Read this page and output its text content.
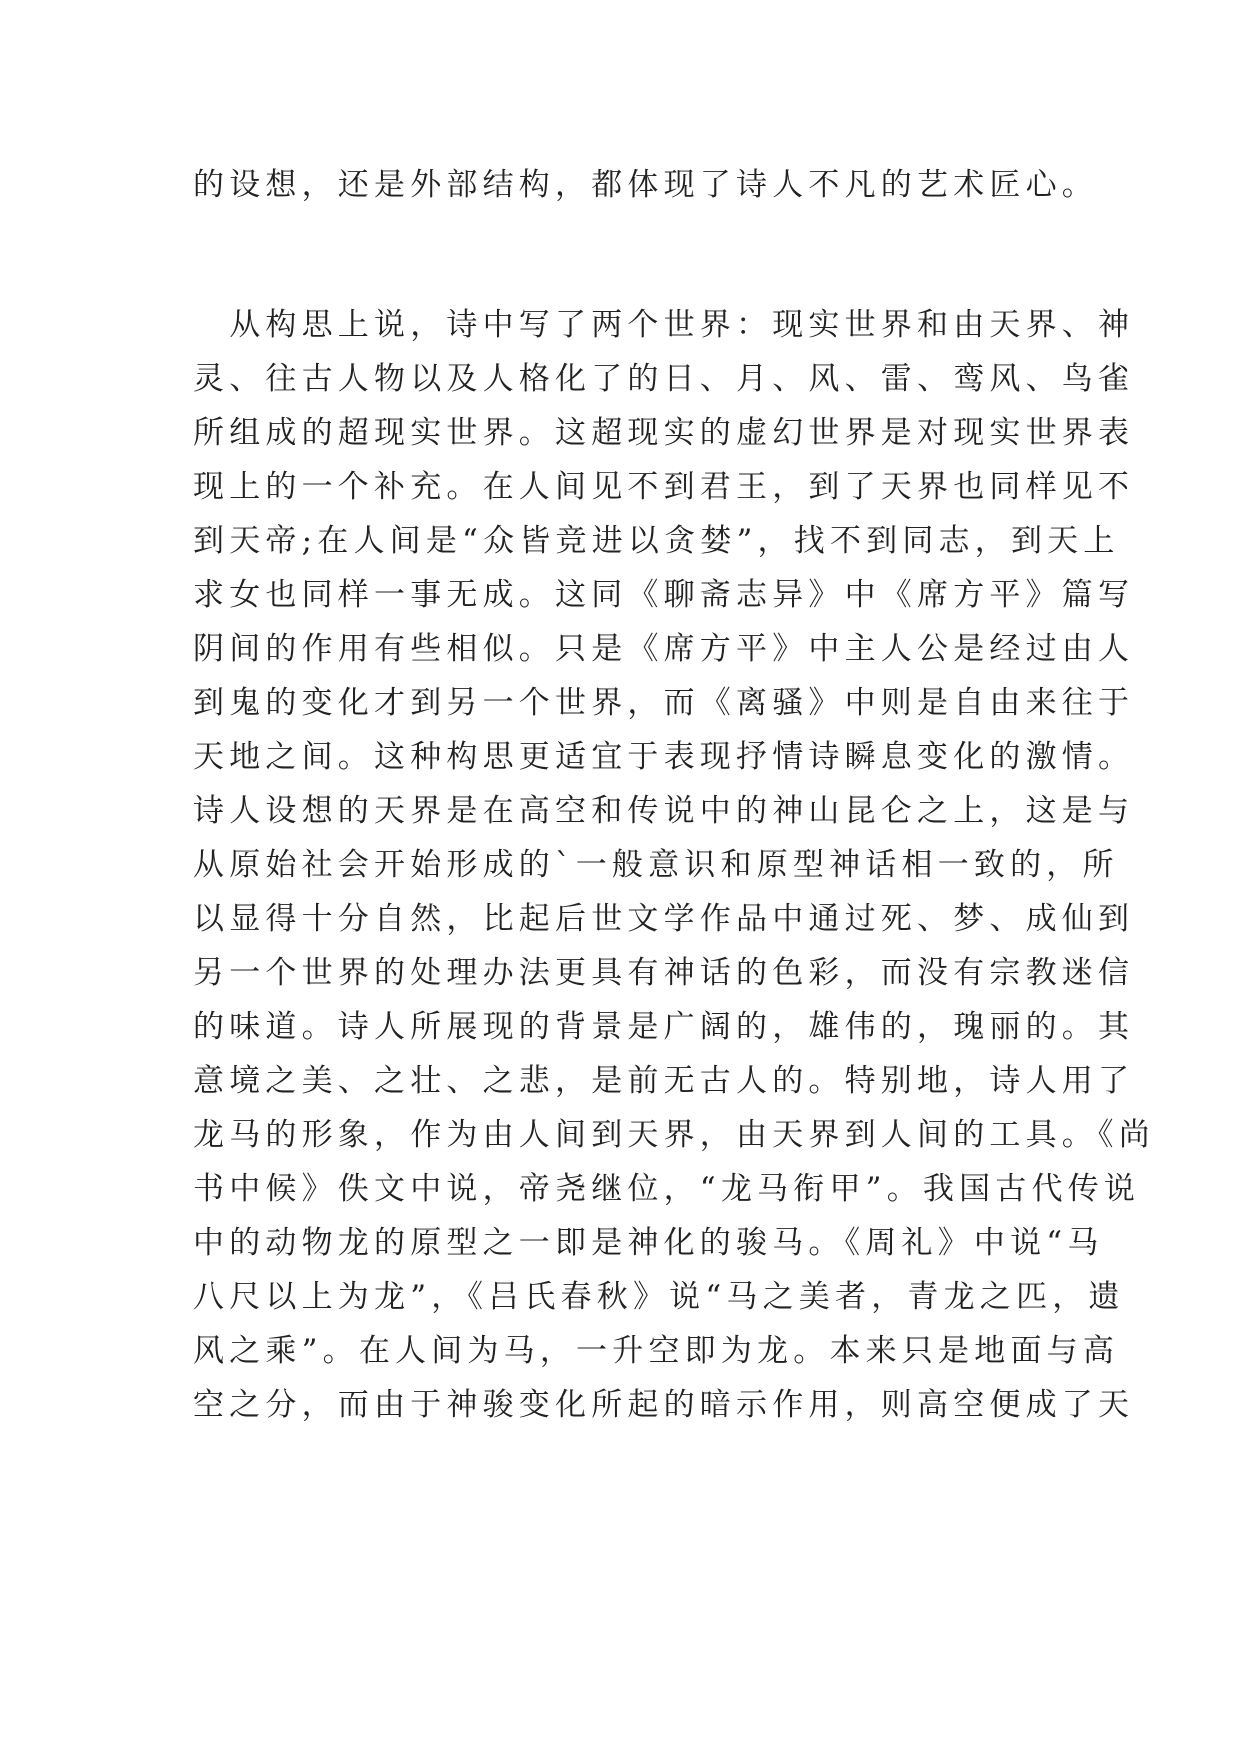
的设想，还是外部结构，都体现了诗人不凡的艺术匠心。
　从构思上说，诗中写了两个世界：现实世界和由天界、神
灵、往古人物以及人格化了的日、月、风、雷、鸾风、鸟雀
所组成的超现实世界。这超现实的虚幻世界是对现实世界表
现上的一个补充。在人间见不到君王，到了天界也同样见不
到天帝;在人间是“众皆竞进以贪婪”，找不到同志，到天上
求女也同样一事无成。这同《聊斋志异》中《席方平》篇写
阴间的作用有些相似。只是《席方平》中主人公是经过由人
到鬼的变化才到另一个世界，而《离骚》中则是自由来往于
天地之间。这种构思更适宜于表现抒情诗瞬息变化的激情。
诗人设想的天界是在高空和传说中的神山昆仑之上，这是与
从原始社会开始形成的`一般意识和原型神话相一致的，所
以显得十分自然，比起后世文学作品中通过死、梦、成仙到
另一个世界的处理办法更具有神话的色彩，而没有宗教迷信
的味道。诗人所展现的背景是广阔的，雄伟的，瑰丽的。其
意境之美、之壮、之悲，是前无古人的。特别地，诗人用了
龙马的形象，作为由人间到天界，由天界到人间的工具。《尚
书中候》佚文中说，帝尧继位，“龙马衔甲”。我国古代传说
中的动物龙的原型之一即是神化的骏马。《周礼》中说“马
八尺以上为龙”，《吕氏春秋》说“马之美者，青龙之匹，遗
风之乘”。在人间为马，一升空即为龙。本来只是地面与高
空之分，而由于神骏变化所起的暗示作用，则高空便成了天
